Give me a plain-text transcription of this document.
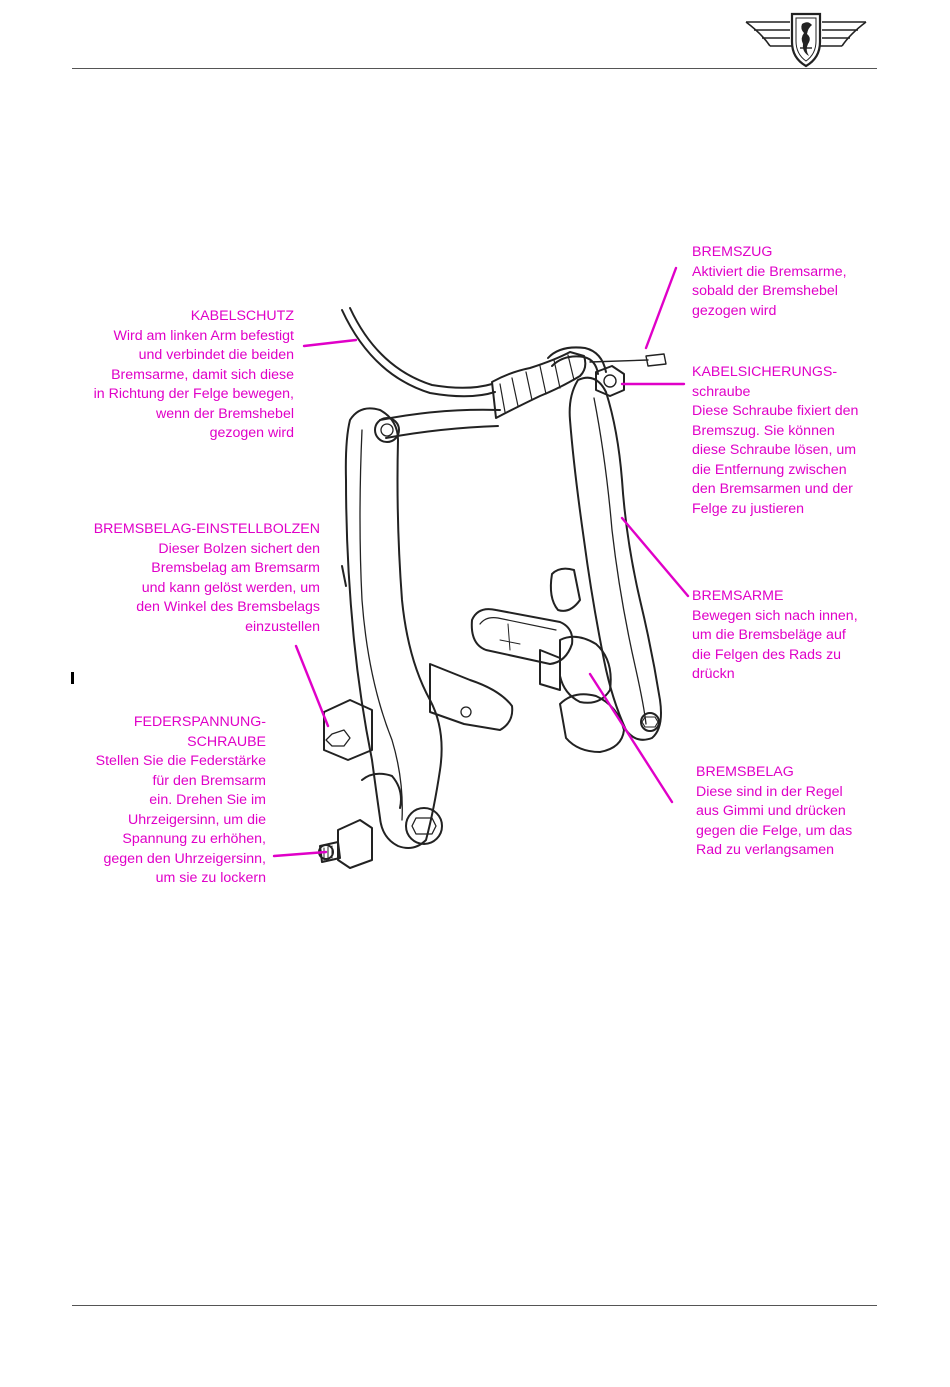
BREMSZUG
Aktiviert die Bremsarme,
sobald der Bremshebel
gezogen wird
KABELSCHUTZ
Wird am linken Arm befestigt
und verbindet die beiden
Bremsarme, damit sich diese
in Richtung der Felge bewegen,
wenn der Bremshebel
gezogen wird
KABELSICHERUNGS-
schraube
Diese Schraube fixiert den
Bremszug. Sie können
diese Schraube lösen, um
die Entfernung zwischen
den Bremsarmen und der
Felge zu justieren
BREMSBELAG-EINSTELLBOLZEN
Dieser Bolzen sichert den
Bremsbelag am Bremsarm
und kann gelöst werden, um
den Winkel des Bremsbelags
einzustellen
BREMSARME
Bewegen sich nach innen,
um die Bremsbeläge auf
die Felgen des Rads zu
drückn
FEDERSPANNUNG-
SCHRAUBE
Stellen Sie die Federstärke
für den Bremsarm
ein. Drehen Sie im
Uhrzeigersinn, um die
Spannung zu erhöhen,
gegen den Uhrzeigersinn,
um sie zu lockern
BREMSBELAG
Diese sind in der Regel
aus Gimmi und drücken
gegen die Felge, um das
Rad zu verlangsamen
